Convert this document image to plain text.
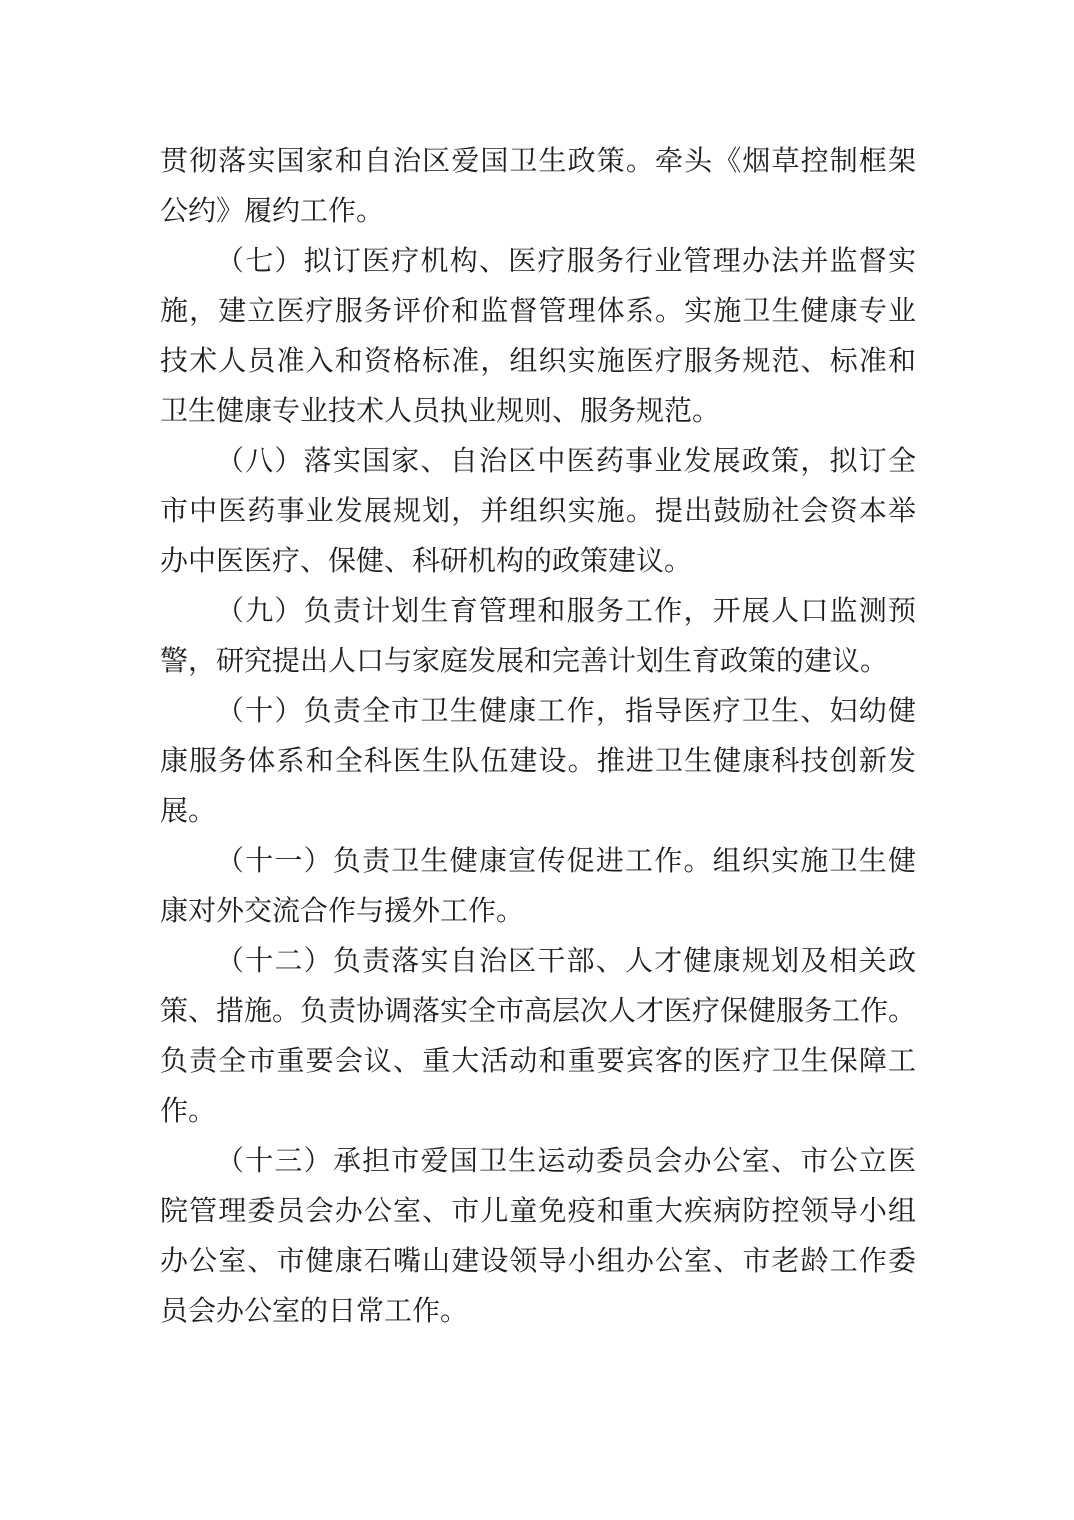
贯彻落实国家和自治区爱国卫生政策。牵头《烟草控制框架
公约》履约工作。
（七）拟订医疗机构、医疗服务行业管理办法并监督实
施，建立医疗服务评价和监督管理体系。实施卫生健康专业
技术人员准入和资格标准，组织实施医疗服务规范、标准和
卫生健康专业技术人员执业规则、服务规范。
（八）落实国家、自治区中医药事业发展政策，拟订全
市中医药事业发展规划，并组织实施。提出鼓励社会资本举
办中医医疗、保健、科研机构的政策建议。
（九）负责计划生育管理和服务工作，开展人口监测预
警，研究提出人口与家庭发展和完善计划生育政策的建议。
（十）负责全市卫生健康工作，指导医疗卫生、妇幼健
康服务体系和全科医生队伍建设。推进卫生健康科技创新发
展。
（十一）负责卫生健康宣传促进工作。组织实施卫生健
康对外交流合作与援外工作。
（十二）负责落实自治区干部、人才健康规划及相关政
策、措施。负责协调落实全市高层次人才医疗保健服务工作。
负责全市重要会议、重大活动和重要宾客的医疗卫生保障工
作。
（十三）承担市爱国卫生运动委员会办公室、市公立医
院管理委员会办公室、市儿童免疫和重大疾病防控领导小组
办公室、市健康石嘴山建设领导小组办公室、市老龄工作委
员会办公室的日常工作。
